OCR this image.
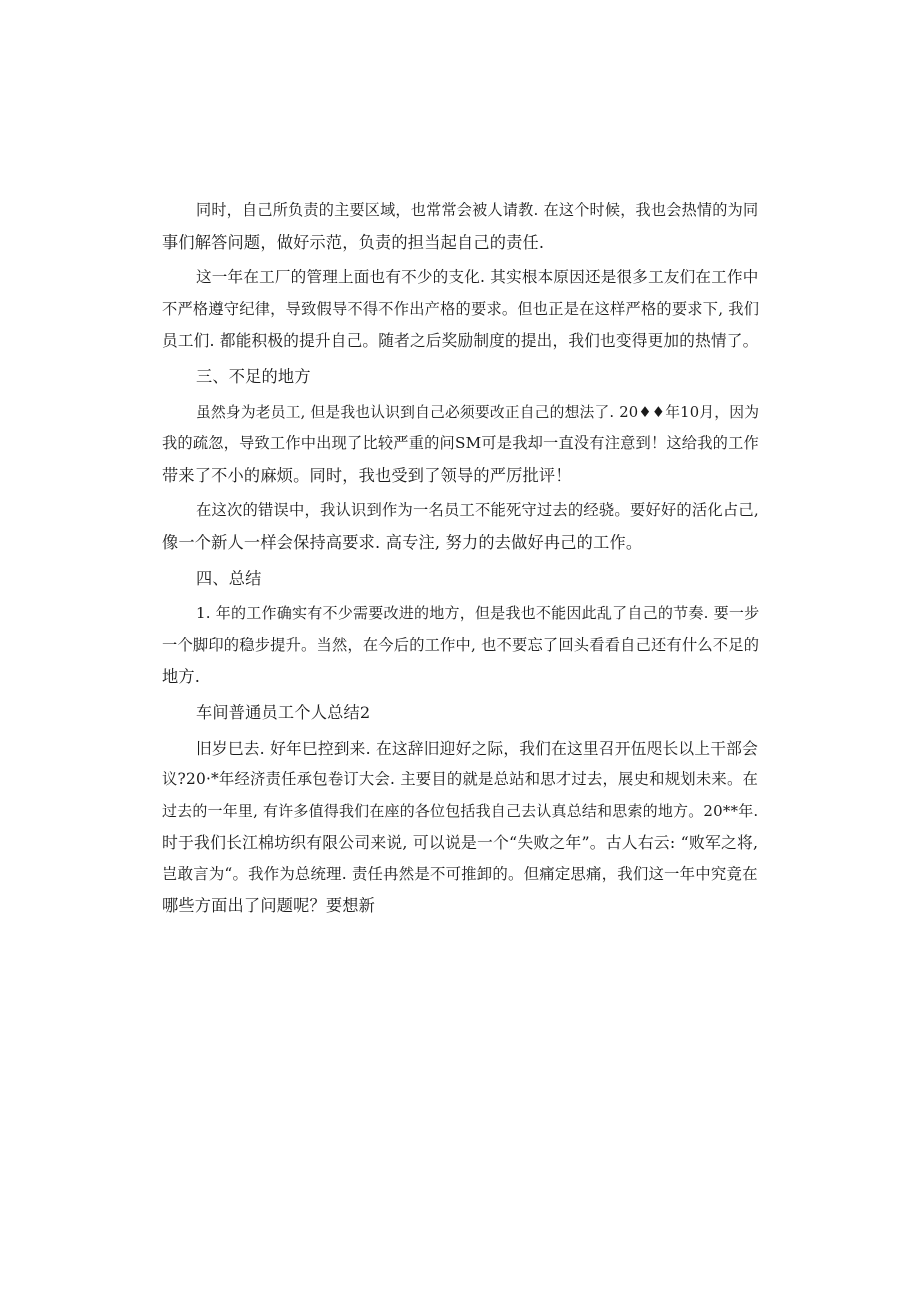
同时，自己所负责的主要区域，也常常会被人请教. 在这个时候，我也会热情的为同
事们解答问题，做好示范，负责的担当起自己的责任.
这一年在工厂的管理上面也有不少的支化. 其实根本原因还是很多工友们在工作中
不严格遵守纪律，导致假导不得不作出产格的要求。但也正是在这样严格的要求下, 我们
员工们. 都能积极的提升自己。随者之后奖励制度的提出，我们也变得更加的热情了。
三、不足的地方
虽然身为老员工, 但是我也认识到自己必须要改正自己的想法了. 20♦♦年10月，因为
我的疏忽，导致工作中出现了比较严重的问SM可是我却一直没有注意到！这给我的工作
带来了不小的麻烦。同时，我也受到了领导的严厉批评！
在这次的错误中，我认识到作为一名员工不能死守过去的经骁。要好好的活化占己,
像一个新人一样会保持高要求. 高专注, 努力的去做好冉己的工作。
四、总结
1. 年的工作确实有不少需要改进的地方，但是我也不能因此乱了自己的节奏. 要一步
一个脚印的稳步提升。当然，在今后的工作中, 也不要忘了回头看看自己还有什么不足的
地方.
车间普通员工个人总结2
旧岁巳去. 好年巳控到来. 在这辞旧迎好之际，我们在这里召开伍咫长以上干部会
议?20·*年经济责任承包卷订大会. 主要目的就是总站和思才过去，展史和规划未来。在
过去的一年里, 有许多值得我们在座的各位包括我自己去认真总结和思索的地方。20**年.
时于我们长江棉坊织有限公司来说, 可以说是一个“失败之年”。古人右云: “败军之将,
岂敢言为“。我作为总统理. 责任冉然是不可推卸的。但痛定思痛，我们这一年中究竟在
哪些方面出了问题呢？要想新
